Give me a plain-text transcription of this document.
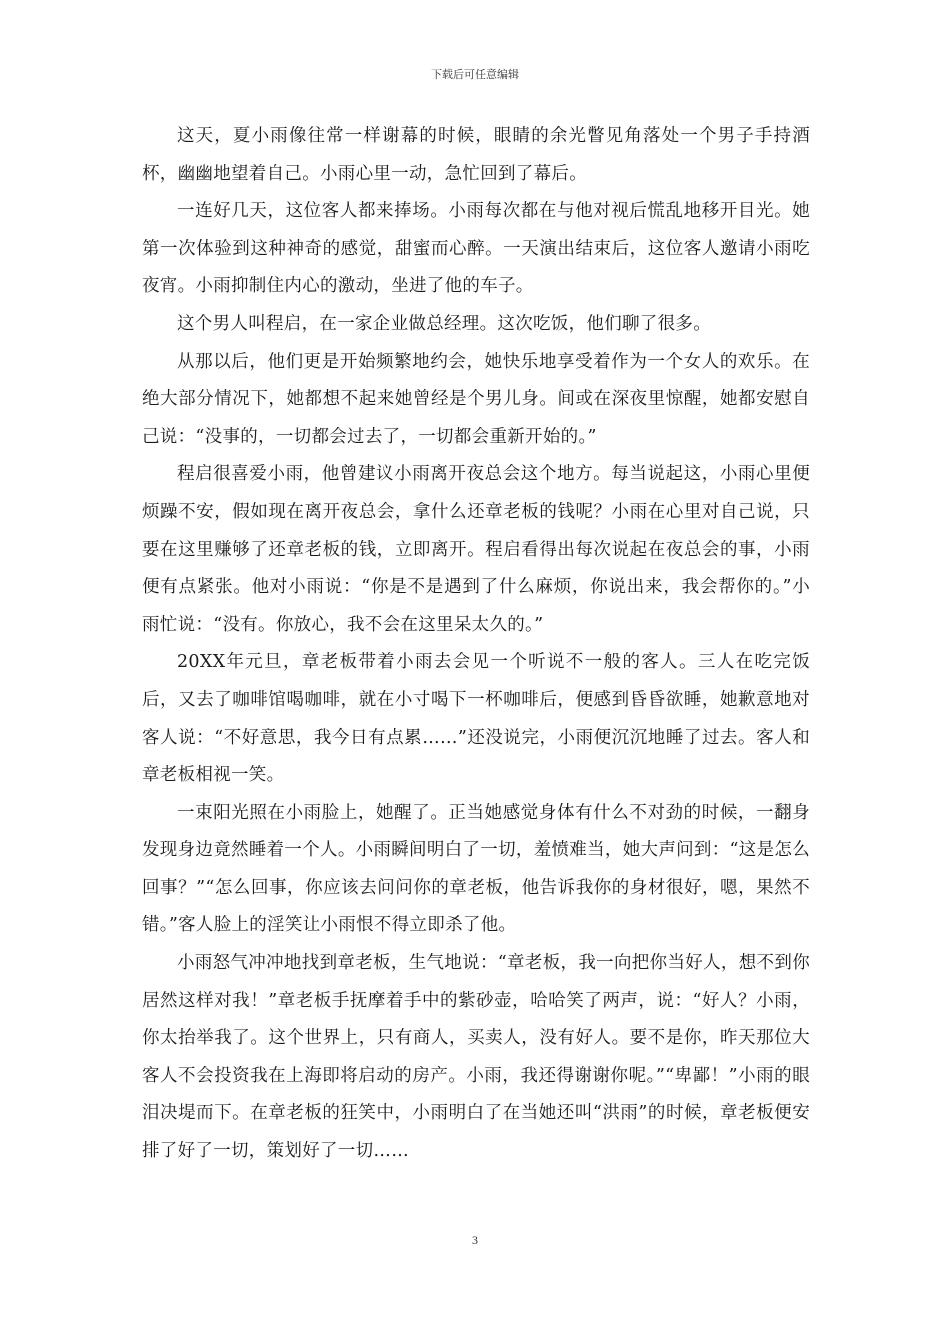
下载后可任意编辑

这天，夏小雨像往常一样谢幕的时候，眼睛的余光瞥见角落处一个男子手持酒杯，幽幽地望着自己。小雨心里一动，急忙回到了幕后。

一连好几天，这位客人都来捧场。小雨每次都在与他对视后慌乱地移开目光。她第一次体验到这种神奇的感觉，甜蜜而心醉。一天演出结束后，这位客人邀请小雨吃夜宵。小雨抑制住内心的激动，坐进了他的车子。

这个男人叫程启，在一家企业做总经理。这次吃饭，他们聊了很多。

从那以后，他们更是开始频繁地约会，她快乐地享受着作为一个女人的欢乐。在绝大部分情况下，她都想不起来她曾经是个男儿身。间或在深夜里惊醒，她都安慰自己说：“没事的，一切都会过去了，一切都会重新开始的。”

程启很喜爱小雨，他曾建议小雨离开夜总会这个地方。每当说起这，小雨心里便烦躁不安，假如现在离开夜总会，拿什么还章老板的钱呢？小雨在心里对自己说，只要在这里赚够了还章老板的钱，立即离开。程启看得出每次说起在夜总会的事，小雨便有点紧张。他对小雨说：“你是不是遇到了什么麻烦，你说出来，我会帮你的。”小雨忙说：“没有。你放心，我不会在这里呆太久的。”

20XX年元旦，章老板带着小雨去会见一个听说不一般的客人。三人在吃完饭后，又去了咖啡馆喝咖啡，就在小寸喝下一杯咖啡后，便感到昏昏欲睡，她歉意地对客人说：“不好意思，我今日有点累……”还没说完，小雨便沉沉地睡了过去。客人和章老板相视一笑。

一束阳光照在小雨脸上，她醒了。正当她感觉身体有什么不对劲的时候，一翻身发现身边竟然睡着一个人。小雨瞬间明白了一切，羞愤难当，她大声问到：“这是怎么回事？”“怎么回事，你应该去问问你的章老板，他告诉我你的身材很好，嗯，果然不错。”客人脸上的淫笑让小雨恨不得立即杀了他。

小雨怒气冲冲地找到章老板，生气地说：“章老板，我一向把你当好人，想不到你居然这样对我！”章老板手抚摩着手中的紫砂壶，哈哈笑了两声，说：“好人？小雨，你太抬举我了。这个世界上，只有商人，买卖人，没有好人。要不是你，昨天那位大客人不会投资我在上海即将启动的房产。小雨，我还得谢谢你呢。”“卑鄙！”小雨的眼泪决堤而下。在章老板的狂笑中，小雨明白了在当她还叫“洪雨”的时候，章老板便安排了好了一切，策划好了一切……

3
